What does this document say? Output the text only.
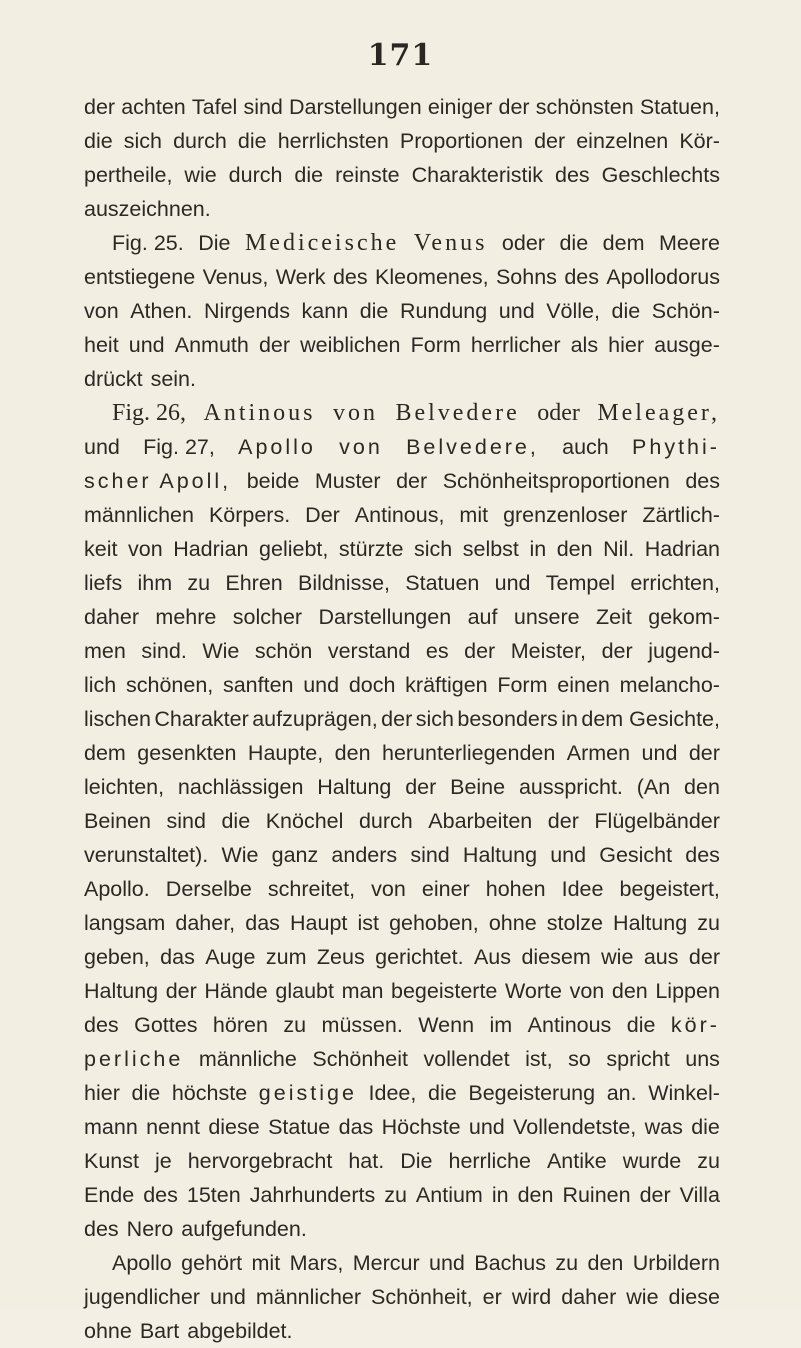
171
der achten Tafel sind Darstellungen einiger der schönsten Statuen,
die sich durch die herrlichsten Proportionen der einzelnen Kör-
pertheile, wie durch die reinste Charakteristik des Geschlechts
auszeichnen.
Fig. 25. Die Mediceische Venus oder die dem Meere
entstiegene Venus, Werk des Kleomenes, Sohns des Apollodorus
von Athen. Nirgends kann die Rundung und Völle, die Schön-
heit und Anmuth der weiblichen Form herrlicher als hier ausge-
drückt sein.
Fig. 26, Antinous von Belvedere oder Meleager,
und Fig. 27, Apollo von Belvedere, auch Phythi-
scher Apoll, beide Muster der Schönheitsproportionen des
männlichen Körpers. Der Antinous, mit grenzenloser Zärtlich-
keit von Hadrian geliebt, stürzte sich selbst in den Nil. Hadrian
liefs ihm zu Ehren Bildnisse, Statuen und Tempel errichten,
daher mehre solcher Darstellungen auf unsere Zeit gekom-
men sind. Wie schön verstand es der Meister, der jugend-
lich schönen, sanften und doch kräftigen Form einen melancho-
lischen Charakter aufzuprägen, der sich besonders in dem Gesichte,
dem gesenkten Haupte, den herunterliegenden Armen und der
leichten, nachlässigen Haltung der Beine ausspricht. (An den
Beinen sind die Knöchel durch Abarbeiten der Flügelbänder
verunstaltet). Wie ganz anders sind Haltung und Gesicht des
Apollo. Derselbe schreitet, von einer hohen Idee begeistert,
langsam daher, das Haupt ist gehoben, ohne stolze Haltung zu
geben, das Auge zum Zeus gerichtet. Aus diesem wie aus der
Haltung der Hände glaubt man begeisterte Worte von den Lippen
des Gottes hören zu müssen. Wenn im Antinous die kör-
perliche männliche Schönheit vollendet ist, so spricht uns
hier die höchste geistige Idee, die Begeisterung an. Winkel-
mann nennt diese Statue das Höchste und Vollendetste, was die
Kunst je hervorgebracht hat. Die herrliche Antike wurde zu
Ende des 15ten Jahrhunderts zu Antium in den Ruinen der Villa
des Nero aufgefunden.
Apollo gehört mit Mars, Mercur und Bachus zu den Urbildern
jugendlicher und männlicher Schönheit, er wird daher wie diese
ohne Bart abgebildet.
